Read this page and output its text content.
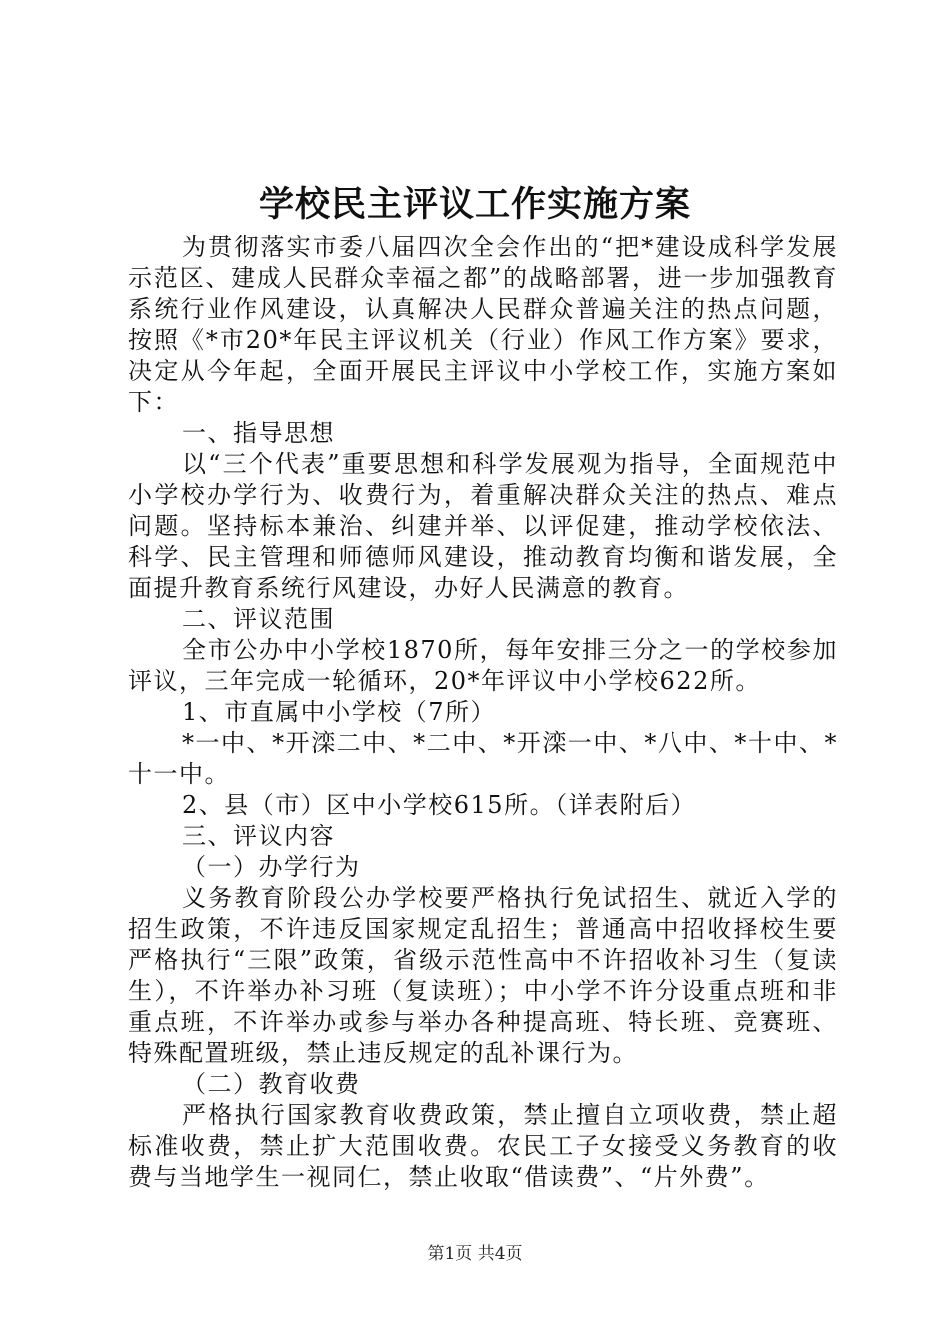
学校民主评议工作实施方案

为贯彻落实市委八届四次全会作出的“把*建设成科学发展示范区、建成人民群众幸福之都”的战略部署，进一步加强教育系统行业作风建设，认真解决人民群众普遍关注的热点问题，按照《*市20*年民主评议机关（行业）作风工作方案》要求，决定从今年起，全面开展民主评议中小学校工作，实施方案如下：

一、指导思想

以“三个代表”重要思想和科学发展观为指导，全面规范中小学校办学行为、收费行为，着重解决群众关注的热点、难点问题。坚持标本兼治、纠建并举、以评促建，推动学校依法、科学、民主管理和师德师风建设，推动教育均衡和谐发展，全面提升教育系统行风建设，办好人民满意的教育。

二、评议范围

全市公办中小学校1870所，每年安排三分之一的学校参加评议，三年完成一轮循环，20*年评议中小学校622所。

1、市直属中小学校（7所）

*一中、*开滦二中、*二中、*开滦一中、*八中、*十中、*十一中。

2、县（市）区中小学校615所。（详表附后）

三、评议内容

（一）办学行为

义务教育阶段公办学校要严格执行免试招生、就近入学的招生政策，不许违反国家规定乱招生；普通高中招收择校生要严格执行“三限”政策，省级示范性高中不许招收补习生（复读生），不许举办补习班（复读班）；中小学不许分设重点班和非重点班，不许举办或参与举办各种提高班、特长班、竞赛班、特殊配置班级，禁止违反规定的乱补课行为。

（二）教育收费

严格执行国家教育收费政策，禁止擅自立项收费，禁止超标准收费，禁止扩大范围收费。农民工子女接受义务教育的收费与当地学生一视同仁，禁止收取“借读费”、“片外费”。

第1页 共4页
